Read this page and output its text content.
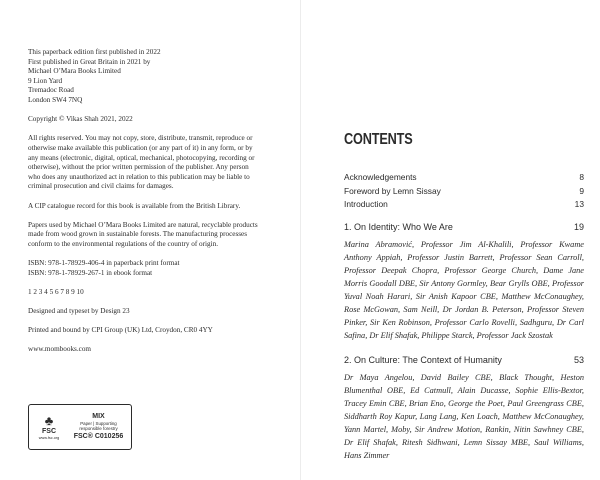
This paperback edition first published in 2022

First published in Great Britain in 2021 by

Michael O’Mara Books Limited

9 Lion Yard

Tremadoc Road

London SW4 7NQ

Copyright © Vikas Shah 2021, 2022

All rights reserved. You may not copy, store, distribute, transmit, reproduce or

otherwise make available this publication (or any part of it) in any form, or by

any means (electronic, digital, optical, mechanical, photocopying, recording or

otherwise), without the prior written permission of the publisher. Any person

who does any unauthorized act in relation to this publication may be liable to

criminal prosecution and civil claims for damages.

A CIP catalogue record for this book is available from the British Library.

Papers used by Michael O’Mara Books Limited are natural, recyclable products

made from wood grown in sustainable forests. The manufacturing processes

conform to the environmental regulations of the country of origin.

ISBN: 978-1-78929-406-4 in paperback print format

ISBN: 978-1-78929-267-1 in ebook format

1 2 3 4 5 6 7 8 9 10

Designed and typeset by Design 23

Printed and bound by CPI Group (UK) Ltd, Croydon, CR0 4YY

www.mombooks.com

♣
FSC
www.fsc.org
MIX
Paper | Supporting
responsible forestry
FSC® C010256
CONTENTS
Acknowledgements	8
Foreword by Lemn Sissay	9
Introduction	13
1. On Identity: Who We Are	19
Marina Abramović, Professor Jim Al-Khalili, Professor Kwame Anthony Appiah, Professor Justin Barrett, Professor Sean Carroll, Professor Deepak Chopra, Professor George Church, Dame Jane Morris Goodall DBE, Sir Antony Gormley, Bear Grylls OBE, Professor Yuval Noah Harari, Sir Anish Kapoor CBE, Matthew McConaughey, Rose McGowan, Sam Neill, Dr Jordan B. Peterson, Professor Steven Pinker, Sir Ken Robinson, Professor Carlo Rovelli, Sadhguru, Dr Carl Safina, Dr Elif Shafak, Philippe Starck, Professor Jack Szostak
2. On Culture: The Context of Humanity	53
Dr Maya Angelou, David Bailey CBE, Black Thought, Heston Blumenthal OBE, Ed Catmull, Alain Ducasse, Sophie Ellis-Bextor, Tracey Emin CBE, Brian Eno, George the Poet, Paul Greengrass CBE, Siddharth Roy Kapur, Lang Lang, Ken Loach, Matthew McConaughey, Yann Martel, Moby, Sir Andrew Motion, Rankin, Nitin Sawhney CBE, Dr Elif Shafak, Ritesh Sidhwani, Lemn Sissay MBE, Saul Williams, Hans Zimmer
